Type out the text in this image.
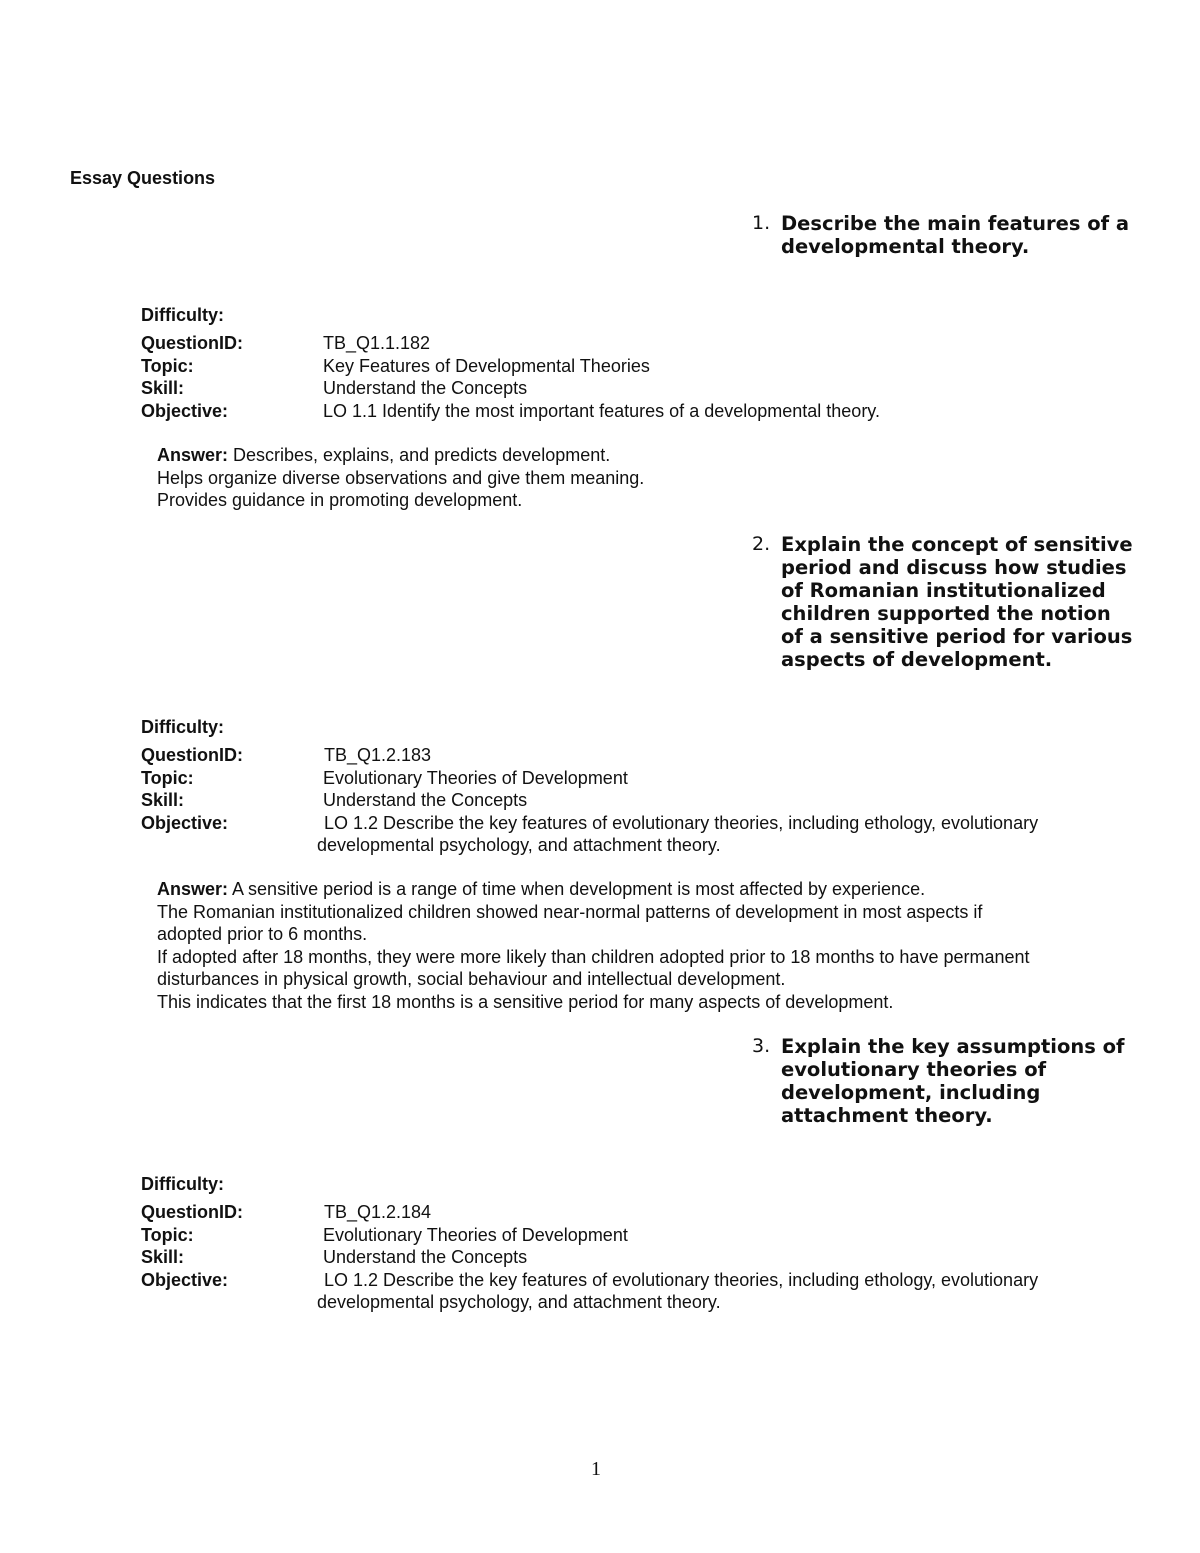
Essay Questions
1. Describe the main features of a
developmental theory.
Difficulty:
QuestionID:	TB_Q1.1.182
Topic:	Key Features of Developmental Theories
Skill:	Understand the Concepts
Objective:	LO 1.1 Identify the most important features of a developmental theory.
Answer: Describes, explains, and predicts development.
Helps organize diverse observations and give them meaning.
Provides guidance in promoting development.
2. Explain the concept of sensitive
period and discuss how studies
of Romanian institutionalized
children supported the notion
of a sensitive period for various
aspects of development.
Difficulty:
QuestionID:	TB_Q1.2.183
Topic:	Evolutionary Theories of Development
Skill:	Understand the Concepts
Objective:	LO 1.2 Describe the key features of evolutionary theories, including ethology, evolutionary
developmental psychology, and attachment theory.
Answer: A sensitive period is a range of time when development is most affected by experience.
The Romanian institutionalized children showed near-normal patterns of development in most aspects if
adopted prior to 6 months.
If adopted after 18 months, they were more likely than children adopted prior to 18 months to have permanent
disturbances in physical growth, social behaviour and intellectual development.
This indicates that the first 18 months is a sensitive period for many aspects of development.
3. Explain the key assumptions of
evolutionary theories of
development, including
attachment theory.
Difficulty:
QuestionID:	TB_Q1.2.184
Topic:	Evolutionary Theories of Development
Skill:	Understand the Concepts
Objective:	LO 1.2 Describe the key features of evolutionary theories, including ethology, evolutionary
developmental psychology, and attachment theory.
1
